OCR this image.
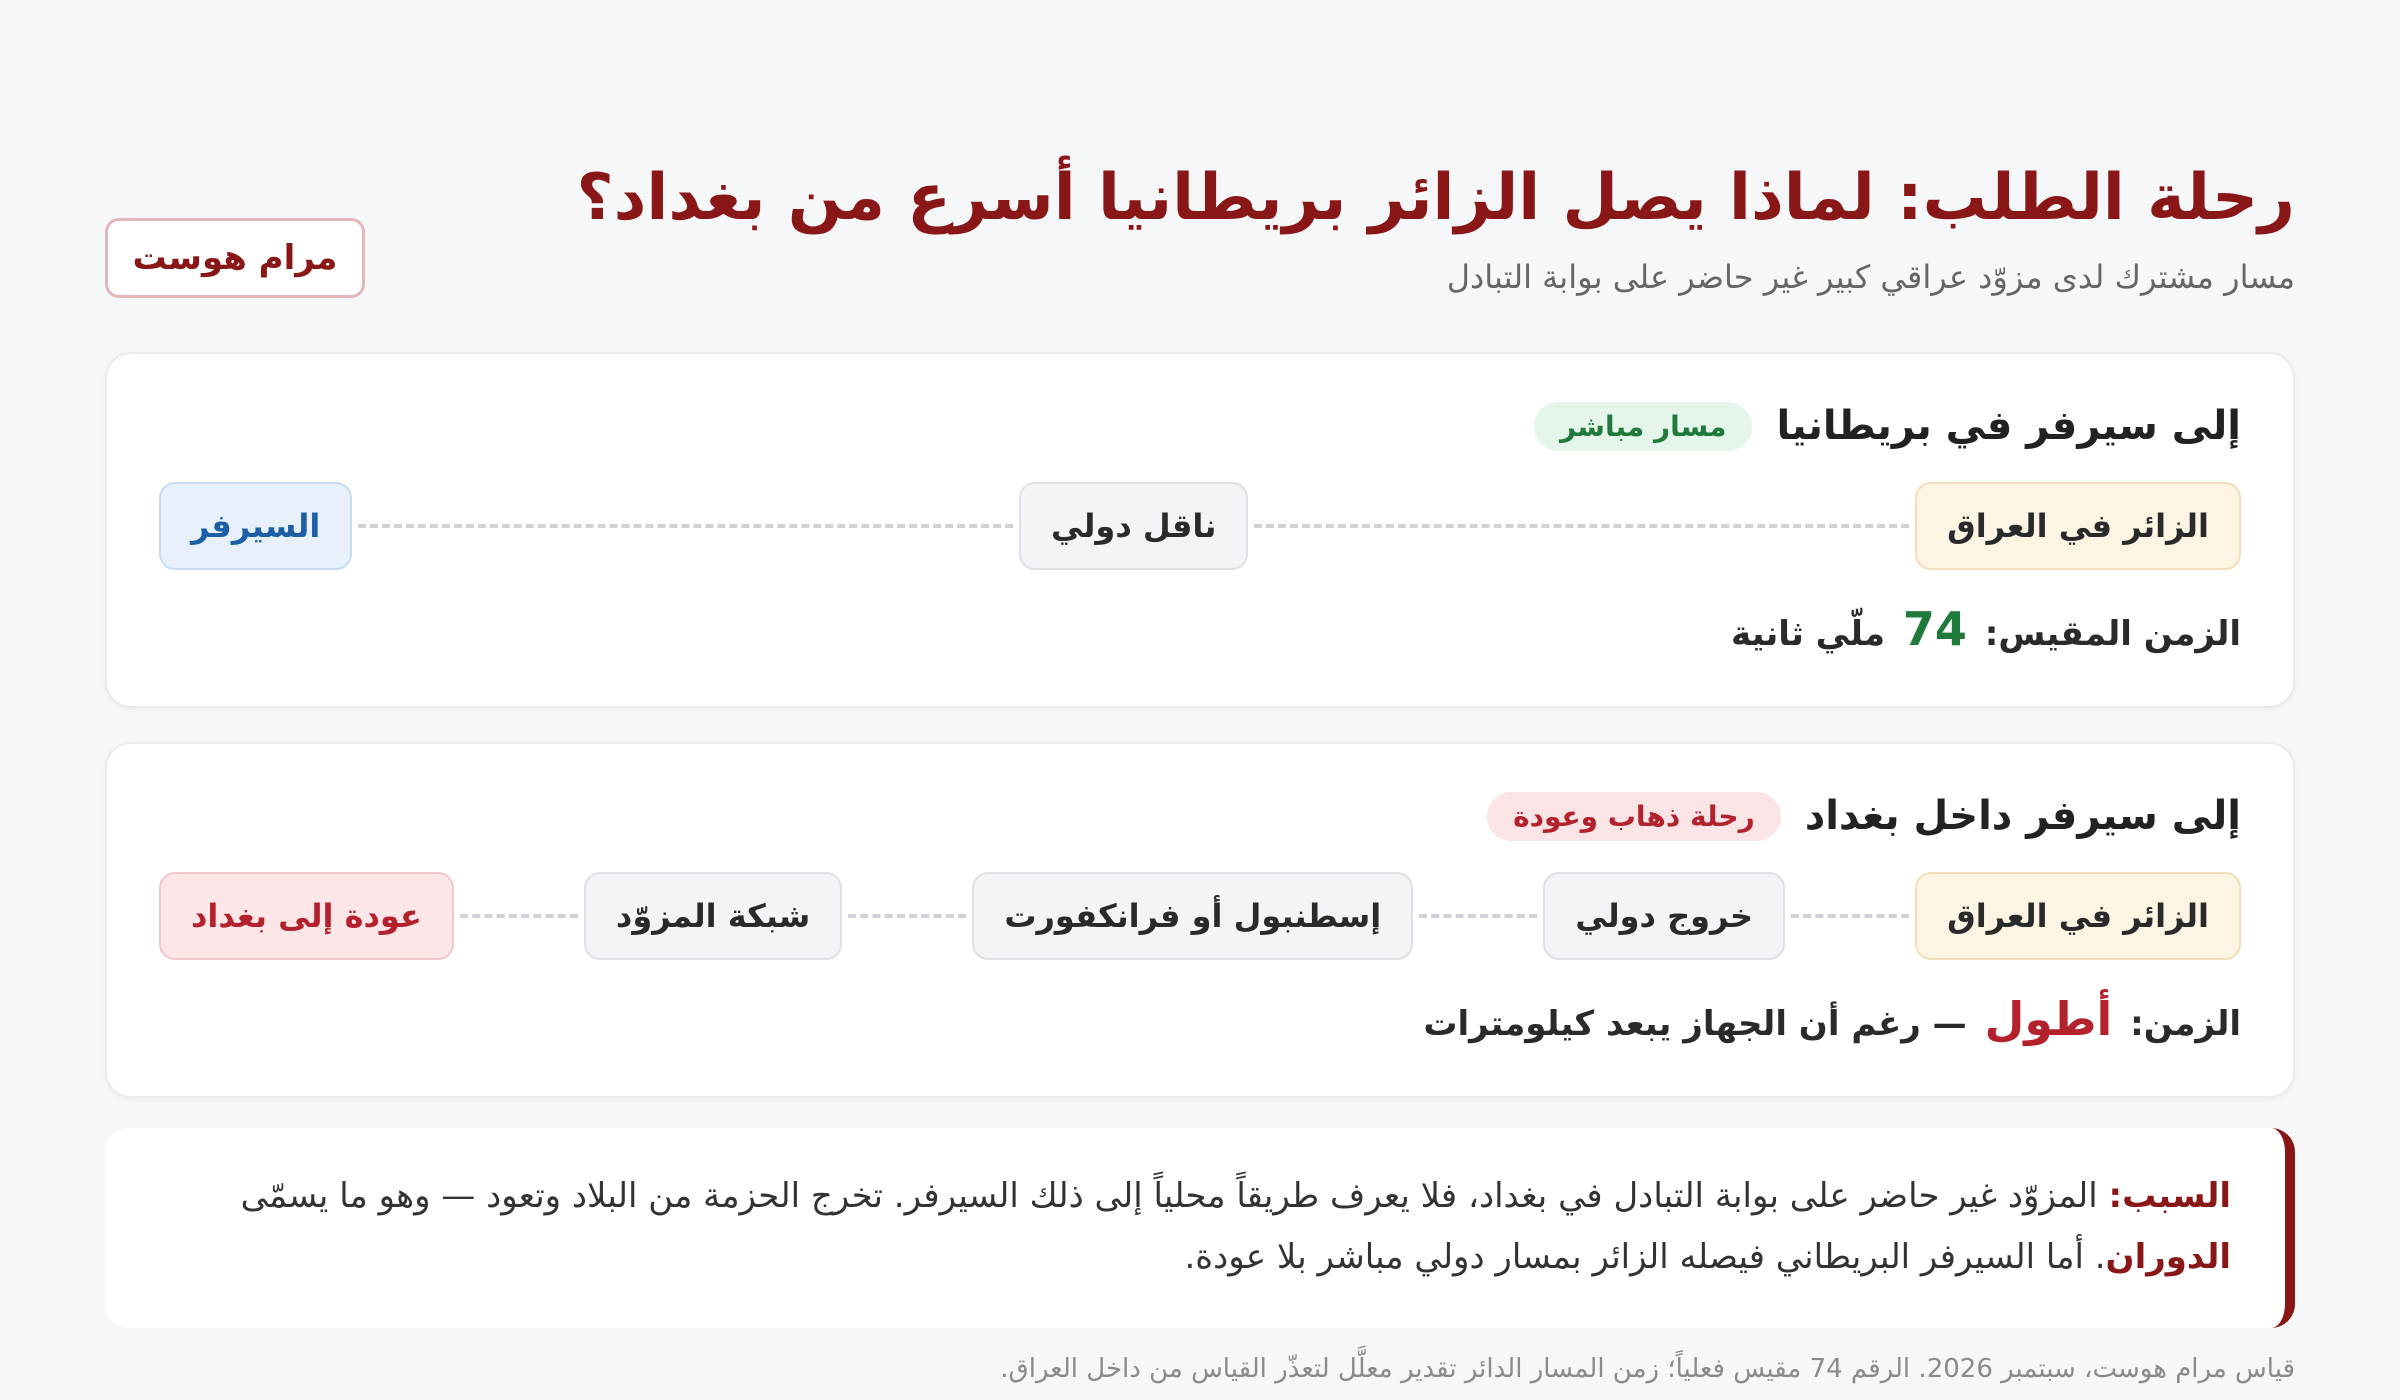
رحلة الطلب: لماذا يصل الزائر بريطانيا أسرع من بغداد؟

مسار مشترك لدى مزوّد عراقي كبير غير حاضر على بوابة التبادل

مرام هوست
إلى سيرفر في بريطانيا
مسار مباشر
الزائر في العراق
ناقل دولي
السيرفر
الزمن المقيس: 74 ملّي ثانية
إلى سيرفر داخل بغداد
رحلة ذهاب وعودة
الزائر في العراق
خروج دولي
إسطنبول أو فرانكفورت
شبكة المزوّد
عودة إلى بغداد
الزمن: أطول — رغم أن الجهاز يبعد كيلومترات
السبب: المزوّد غير حاضر على بوابة التبادل في بغداد، فلا يعرف طريقاً محلياً إلى ذلك السيرفر. تخرج الحزمة من البلاد وتعود — وهو ما يسمّى الدوران. أما السيرفر البريطاني فيصله الزائر بمسار دولي مباشر بلا عودة.
قياس مرام هوست، سبتمبر 2026. الرقم 74 مقيس فعلياً؛ زمن المسار الدائر تقدير معلَّل لتعذّر القياس من داخل العراق.
